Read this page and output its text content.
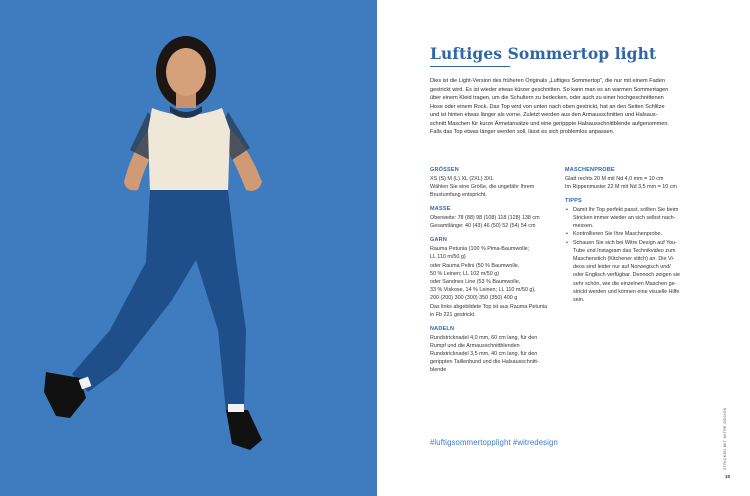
Luftiges Sommertop light

Dies ist die Light-Version des früheren Originals „Luftiges Sommertop“, die nur mit einem Faden
gestrickt wird. Es ist wieder etwas kürzer geschnitten. So kann man es an warmen Sommertagen
über einem Kleid tragen, um die Schultern zu bedecken, oder auch zu einer hochgeschnittenen
Hose oder einem Rock. Das Top wird von unten nach oben gestrickt, hat an den Seiten Schlitze
und ist hinten etwas länger als vorne. Zuletzt werden aus den Armausschnitten und Halsaus-
schnitt Maschen für kurze Ärmelansätze und eine geripppte Halsausschnittblende aufgenommen.
Falls das Top etwas länger werden soll, lässt es sich problemlos anpassen.

GRÖSSEN
XS (S) M (L) XL (2XL) 3XL
Wählen Sie eine Größe, die ungefähr Ihrem
Brustumfang entspricht.
MASSE
Oberweite: 78 (88) 98 (108) 118 (128) 138 cm
Gesamtlänge: 40 (43) 46 (50) 52 (54) 54 cm
GARN
Rauma Petunia (100 % Pima-Baumwolle;
LL 110 m/50 g)
oder Rauma Pelini (50 % Baumwolle,
50 % Leinen; LL 102 m/50 g)
oder Sandnes Line (53 % Baumwolle,
33 % Viskose, 14 % Leinen; LL 110 m/50 g),
200 (200) 300 (300) 350 (350) 400 g
Das links abgebildete Top ist aus Rauma Petunia
in Fb 221 gestrickt.
NADELN
Rundstricknadel 4,0 mm, 60 cm lang, für den
Rumpf und die Armausschnittblenden
Rundstricknadel 3,5 mm, 40 cm lang, für den
gerippten Taillenbund und die Halsausschnitt-
blende
MASCHENPROBE
Glatt rechts 20 M mit Nd 4,0 mm = 10 cm
Im Rippenmuster 22 M mit Nd 3,5 mm = 10 cm
TIPPS
• Damit Ihr Top perfekt passt, sollten Sie beim
Stricken immer wieder an sich selbst nach-
messen.
• Kontrollieren Sie Ihre Maschenprobe.
• Schauen Sie sich bei Witre Design auf You-
Tube und Instagram das Technikvideo zum
Maschenstich (Kitchener stitch) an. Die Vi-
deos sind leider nur auf Norwegisch und/
oder Englisch verfügbar. Dennoch zeigen sie
sehr schön, wie die einzelnen Maschen ge-
strickt werden und können eine visuelle Hilfe
sein.
#luftigsommertopplight #witredesign	STRICKEN MIT WITRE DESIGN
15
